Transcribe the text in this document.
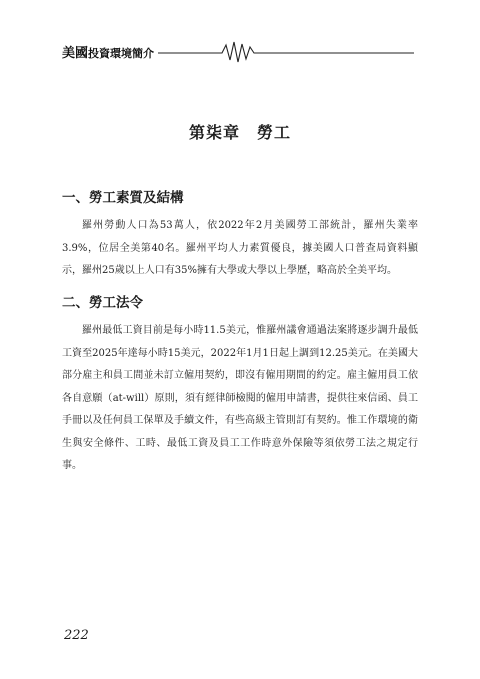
美國投資環境簡介
第柒章　勞工
一、勞工素質及結構
羅州勞動人口為53萬人，依2022年2月美國勞工部統計，羅州失業率3.9%，位居全美第40名。羅州平均人力素質優良，據美國人口普查局資料顯示，羅州25歲以上人口有35%擁有大學或大學以上學歷，略高於全美平均。
二、勞工法令
羅州最低工資目前是每小時11.5美元，惟羅州議會通過法案將逐步調升最低工資至2025年達每小時15美元，2022年1月1日起上調到12.25美元。在美國大部分雇主和員工間並未訂立僱用契約，即沒有僱用期間的約定。雇主僱用員工依各自意願（at-will）原則，須有經律師檢閱的僱用申請書，提供往來信函、員工手冊以及任何員工保單及手續文件，有些高級主管則訂有契約。惟工作環境的衛生與安全條件、工時、最低工資及員工工作時意外保險等須依勞工法之規定行事。
222
